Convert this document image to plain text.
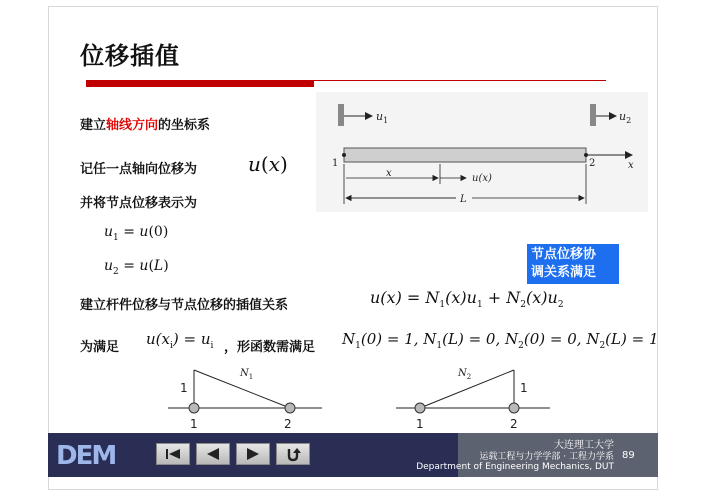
位移插值
建立轴线方向的坐标系
记任一点轴向位移为	u(x)
并将节点位移表示为
$u_1 = u(0)$
$u_2 = u(L)$
节点位移协
调关系满足
建立杆件位移与节点位移的插值关系	$u(x) = N_1(x)u_1 + N_2(x)u_2$
为满足 $u(x_i) = u_i$ ，形函数需满足 $N_1(0) = 1$, $N_1(L) = 0$, $N_2(0) = 0$, $N_2(L) = 1$
$u_1$	$u_2$
1	2	x
x	u(x)
L
$N_1$
1
1	2
$N_2$
1
1	2
DEM	大连理工大学
运载工程与力学学部 · 工程力学系
Department of Engineering Mechanics, DUT
89
